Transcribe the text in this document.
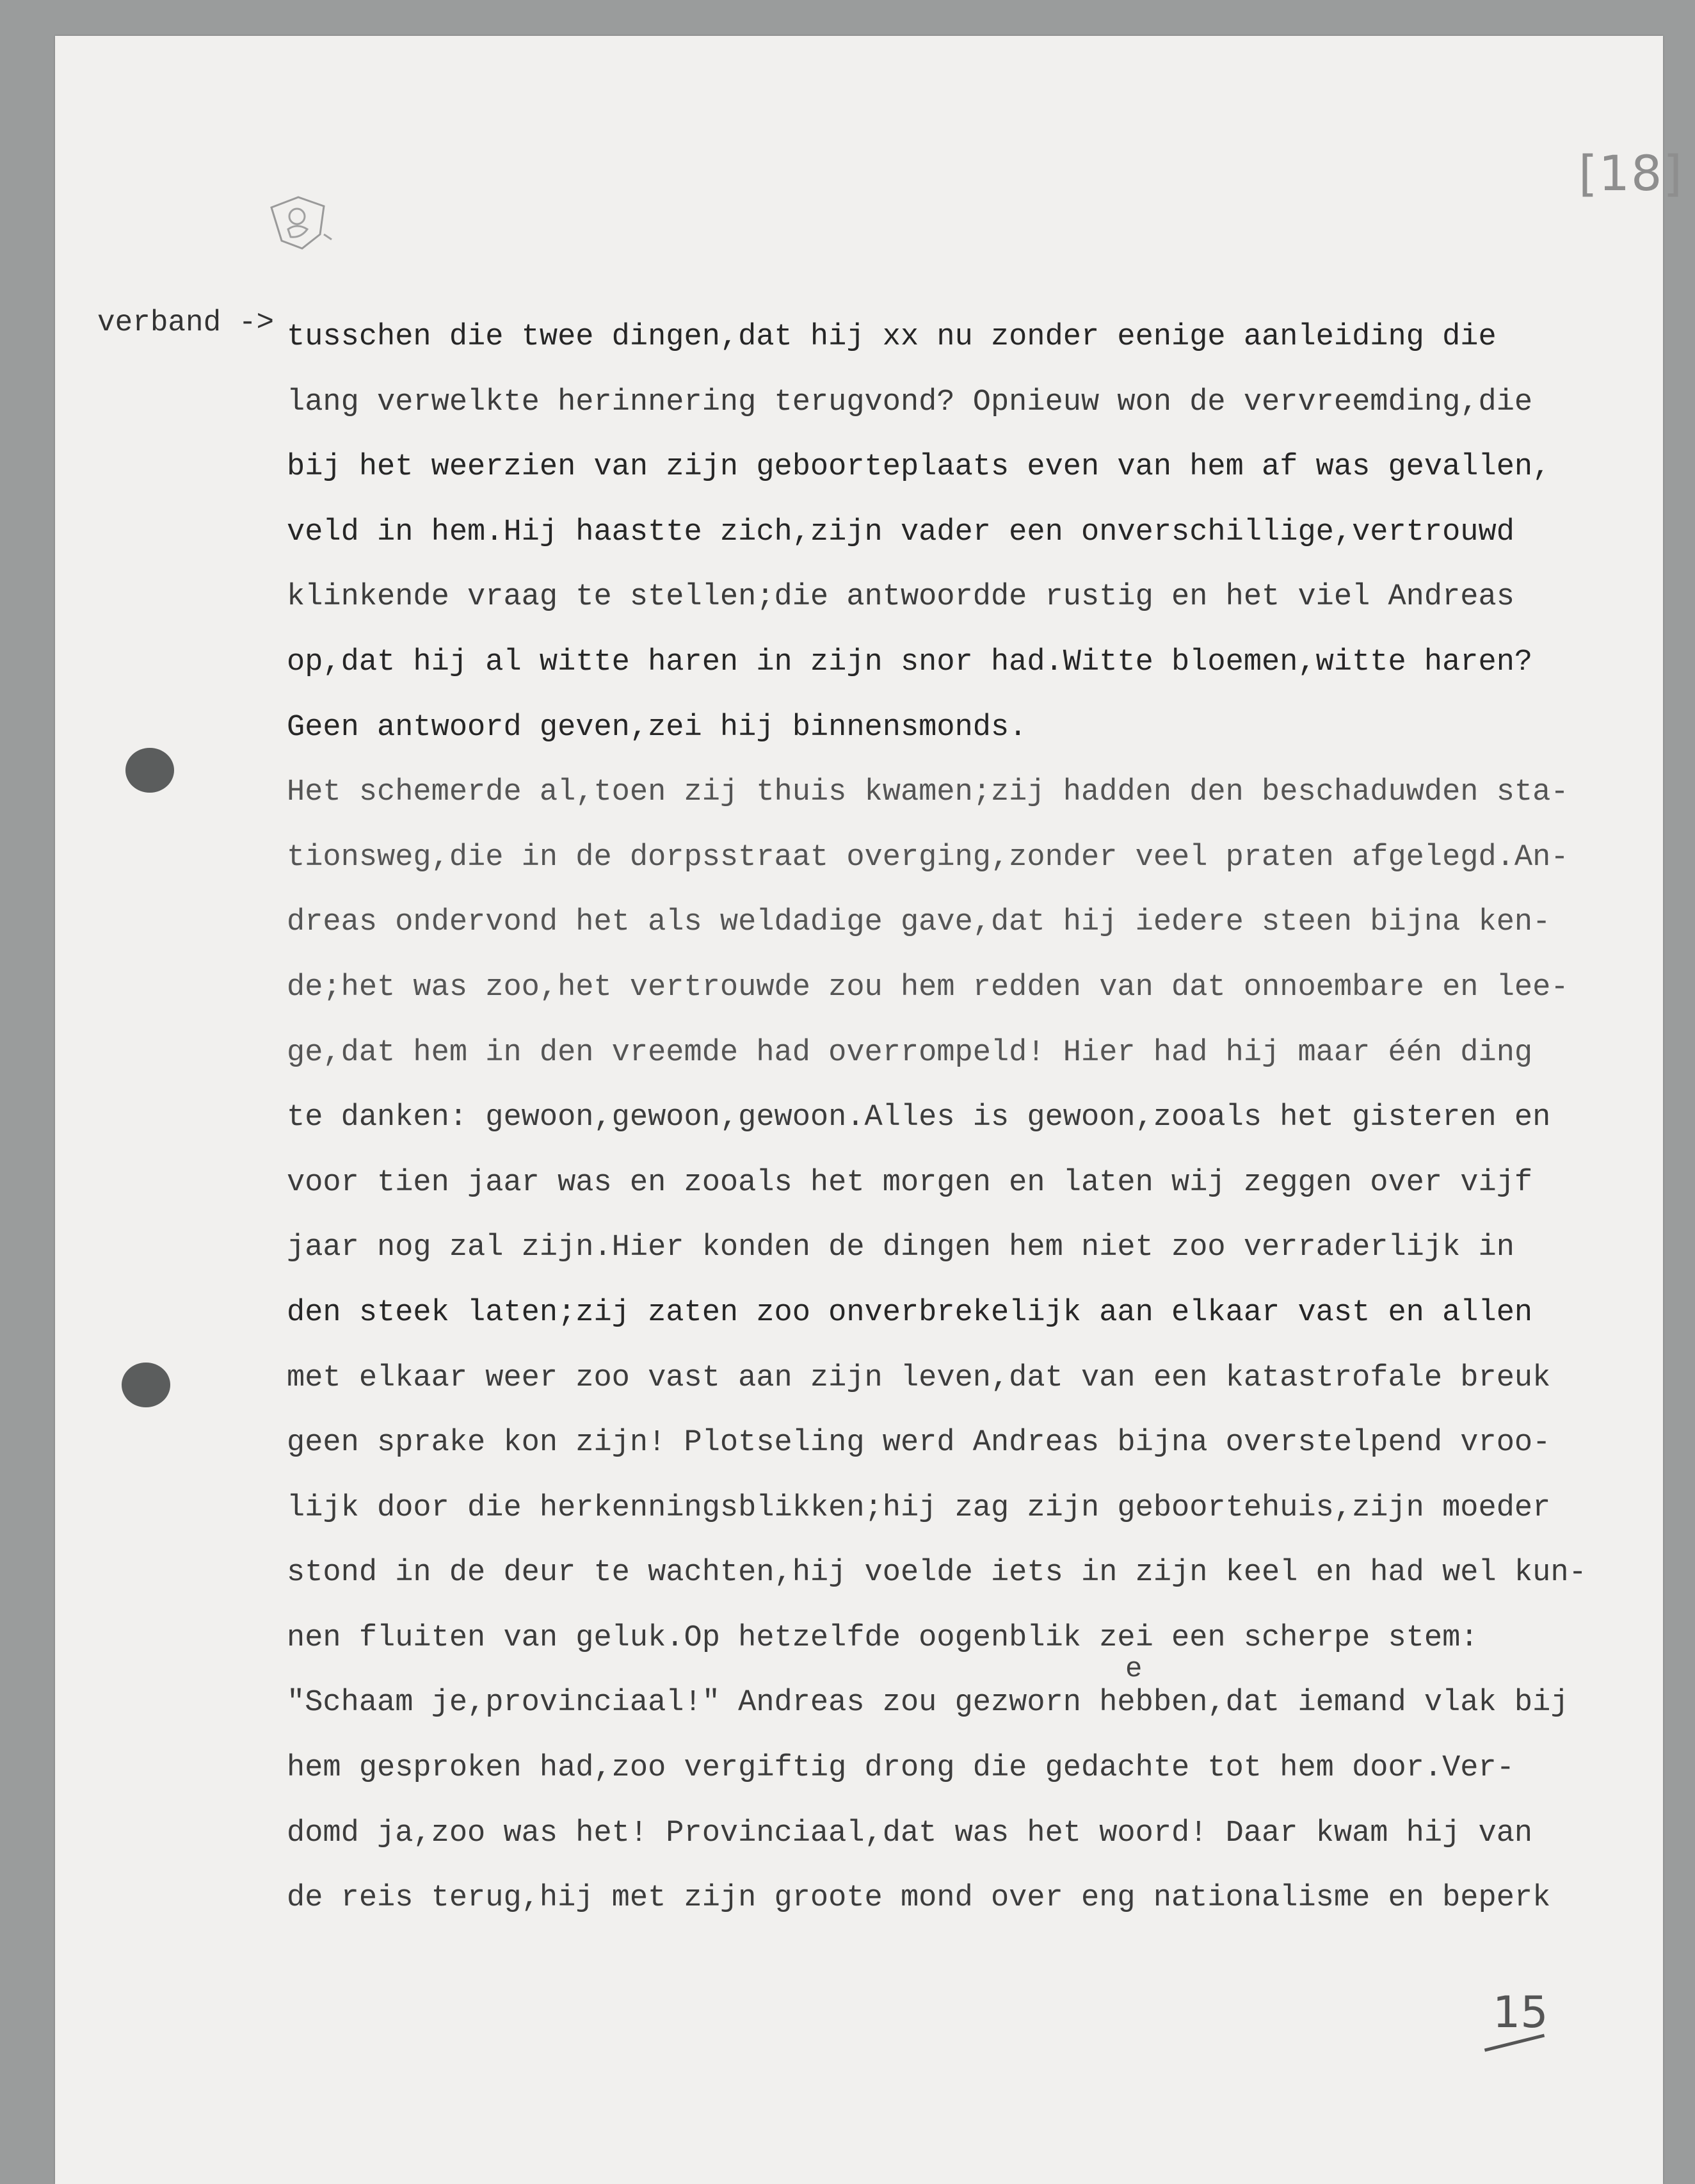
[18]
verband -> tusschen die twee dingen,dat hij xx nu zonder eenige aanleiding die
lang verwelkte herinnering terugvond? Opnieuw won de vervreemding,die
bij het weerzien van zijn geboorteplaats even van hem af was gevallen,
veld in hem.Hij haastte zich,zijn vader een onverschillige,vertrouwd
klinkende vraag te stellen;die antwoordde rustig en het viel Andreas
op,dat hij al witte haren in zijn snor had.Witte bloemen,witte haren?
Geen antwoord geven,zei hij binnensmonds.
Het schemerde al,toen zij thuis kwamen;zij hadden den beschaduwden sta-
tionsweg,die in de dorpsstraat overging,zonder veel praten afgelegd.An-
dreas ondervond het als weldadige gave,dat hij iedere steen bijna ken-
de;het was zoo,het vertrouwde zou hem redden van dat onnoembare en lee-
ge,dat hem in den vreemde had overrompeld! Hier had hij maar één ding
te danken: gewoon,gewoon,gewoon.Alles is gewoon,zooals het gisteren en
voor tien jaar was en zooals het morgen en laten wij zeggen over vijf
jaar nog zal zijn.Hier konden de dingen hem niet zoo verraderlijk in
den steek laten;zij zaten zoo onverbrekelijk aan elkaar vast en allen
met elkaar weer zoo vast aan zijn leven,dat van een katastrofale breuk
geen sprake kon zijn! Plotseling werd Andreas bijna overstelpend vroo-
lijk door die herkenningsblikken;hij zag zijn geboortehuis,zijn moeder
stond in de deur te wachten,hij voelde iets in zijn keel en had wel kun-
nen fluiten van geluk.Op hetzelfde oogenblik zei een scherpe stem:
"Schaam je,provinciaal!" Andreas zou gezworn hebben,dat iemand vlak bij
hem gesproken had,zoo vergiftig drong die gedachte tot hem door.Ver-
domd ja,zoo was het! Provinciaal,dat was het woord! Daar kwam hij van
de reis terug,hij met zijn groote mond over eng nationalisme en beperk
e
15
